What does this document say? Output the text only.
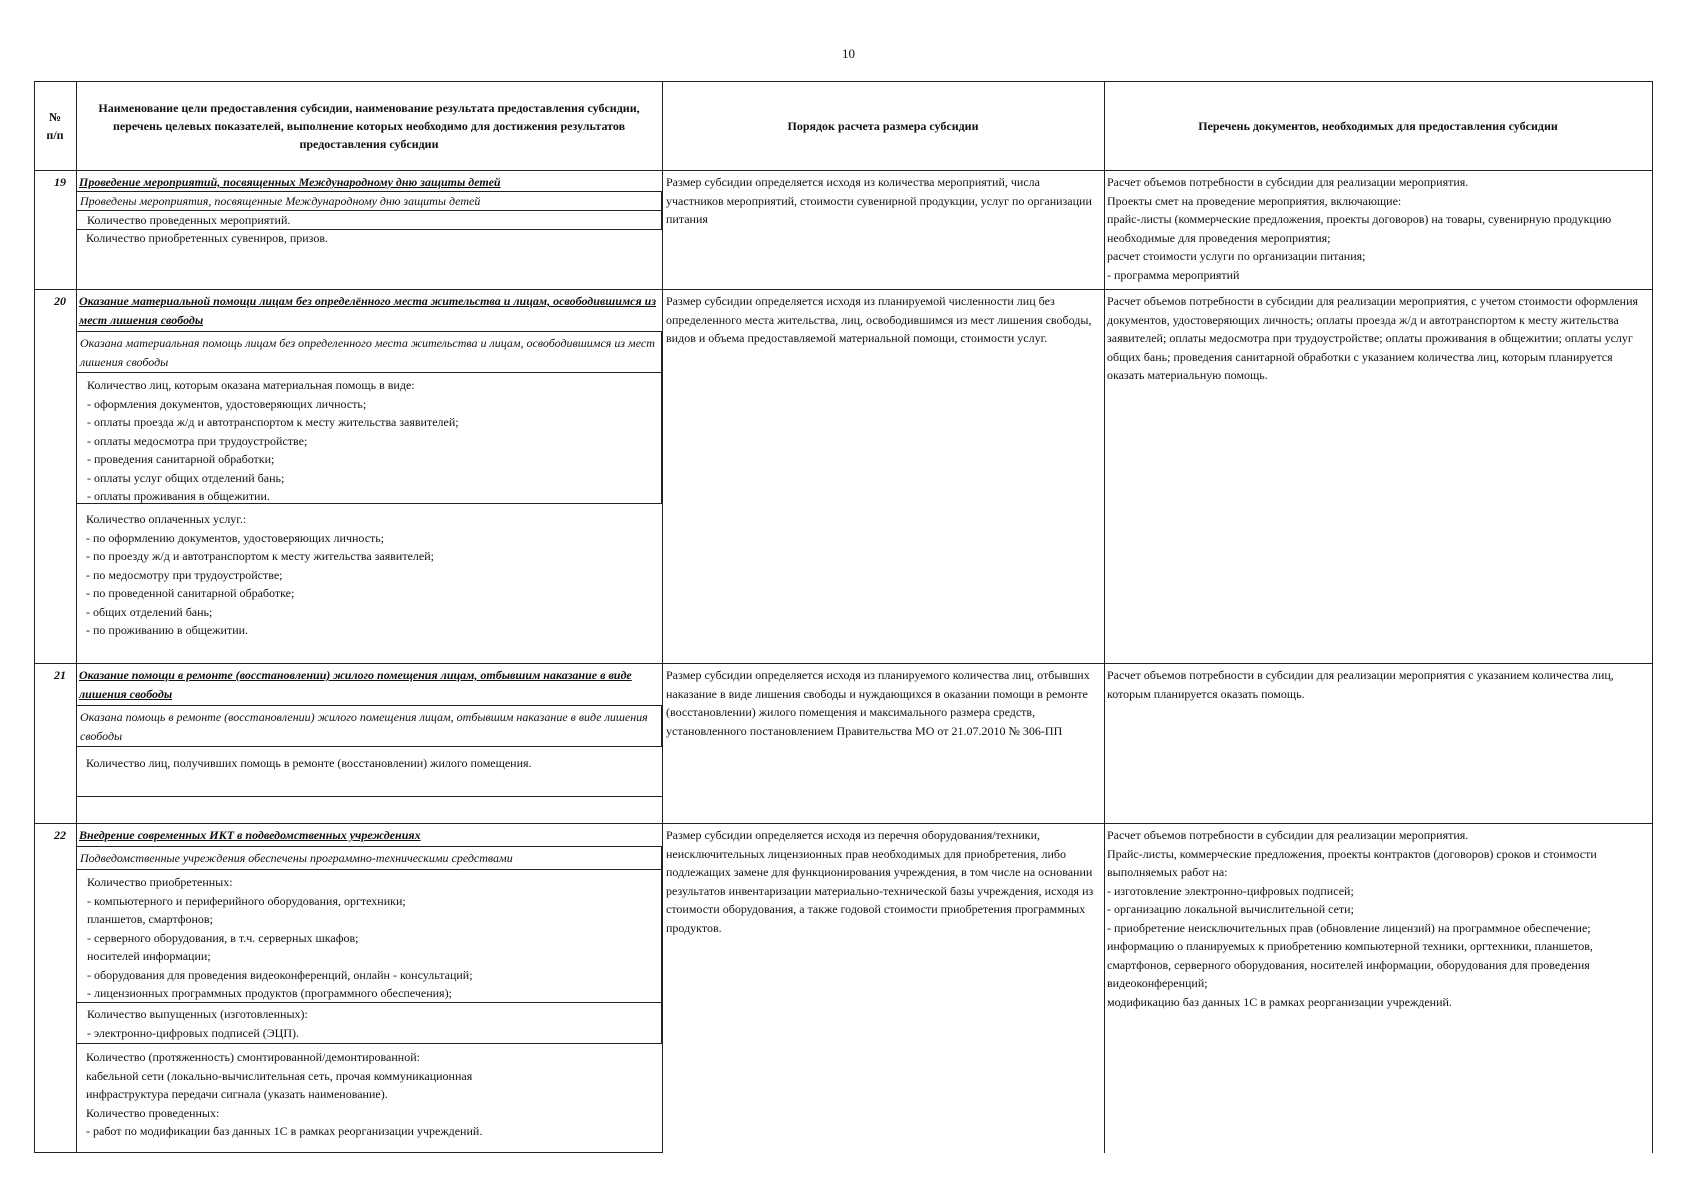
10
№
п/п
Наименование цели предоставления субсидии, наименование результата предоставления субсидии, перечень целевых показателей, выполнение которых необходимо для достижения результатов предоставления субсидии
Порядок расчета размера субсидии	Перечень документов, необходимых для предоставления субсидии
19 Проведение мероприятий, посвященных Международному дню защиты детей
Проведены мероприятия, посвященные Международному дню защиты детей
Количество проведенных мероприятий.
Количество приобретенных сувениров, призов.
Размер субсидии определяется исходя из количества мероприятий, числа участников мероприятий, стоимости сувенирной продукции, услуг по организации питания
Расчет объемов потребности в субсидии для реализации мероприятия.
Проекты смет на проведение мероприятия, включающие:
прайс-листы (коммерческие предложения, проекты договоров) на товары, сувенирную продукцию необходимые для проведения мероприятия;
расчет стоимости услуги по организации питания;
- программа мероприятий
20 Оказание материальной помощи лицам без определённого места жительства и лицам, освободившимся из мест лишения свободы
Оказана материальная помощь лицам без определенного места жительства и лицам, освободившимся из мест лишения свободы
Количество лиц, которым оказана материальная помощь в виде:
- оформления документов, удостоверяющих личность;
- оплаты проезда ж/д и автотранспортом к месту жительства заявителей;
- оплаты медосмотра при трудоустройстве;
- проведения санитарной обработки;
- оплаты услуг общих отделений бань;
- оплаты проживания в общежитии.
Количество оплаченных услуг.:
- по оформлению документов, удостоверяющих личность;
- по проезду ж/д и автотранспортом к месту жительства заявителей;
- по медосмотру при трудоустройстве;
- по проведенной санитарной обработке;
- общих отделений бань;
- по проживанию в общежитии.
Размер субсидии определяется исходя из планируемой численности лиц без определенного места жительства, лиц, освободившимся из мест лишения свободы, видов и объема предоставляемой материальной помощи, стоимости услуг.
Расчет объемов потребности в субсидии для реализации мероприятия, с учетом стоимости оформления документов, удостоверяющих личность; оплаты проезда ж/д и автотранспортом к месту жительства заявителей; оплаты медосмотра при трудоустройстве; оплаты проживания в общежитии; оплаты услуг общих бань; проведения санитарной обработки с указанием количества лиц, которым планируется оказать материальную помощь.
21 Оказание помощи в ремонте (восстановлении) жилого помещения лицам, отбывшим наказание в виде лишения свободы
Оказана помощь в ремонте (восстановлении) жилого помещения лицам, отбывшим наказание в виде лишения свободы
Количество лиц, получивших помощь в ремонте (восстановлении) жилого помещения.
Размер субсидии определяется исходя из планируемого количества лиц, отбывших наказание в виде лишения свободы и нуждающихся в оказании помощи в ремонте (восстановлении) жилого помещения и максимального размера средств, установленного постановлением Правительства МО от 21.07.2010 № 306-ПП
Расчет объемов потребности в субсидии для реализации мероприятия с указанием количества лиц, которым планируется оказать помощь.
22 Внедрение современных ИКТ в подведомственных учреждениях
Подведомственные учреждения обеспечены программно-техническими средствами
Количество приобретенных:
- компьютерного и периферийного оборудования, оргтехники;
планшетов, смартфонов;
- серверного оборудования, в т.ч. серверных шкафов;
носителей информации;
- оборудования для проведения видеоконференций, онлайн - консультаций;
- лицензионных программных продуктов (программного обеспечения);
Количество выпущенных (изготовленных):
- электронно-цифровых подписей (ЭЦП).
Количество (протяженность) смонтированной/демонтированной:
кабельной сети (локально-вычислительная сеть, прочая коммуникационная инфраструктура передачи сигнала (указать наименование).
Количество проведенных:
- работ по модификации баз данных 1С в рамках реорганизации учреждений.
Размер субсидии определяется исходя из перечня оборудования/техники, неисключительных лицензионных прав необходимых для приобретения, либо подлежащих замене для функционирования учреждения, в том числе на основании результатов инвентаризации материально-технической базы учреждения, исходя из стоимости оборудования, а также годовой стоимости приобретения программных продуктов.
Расчет объемов потребности в субсидии для реализации мероприятия.
Прайс-листы, коммерческие предложения, проекты контрактов (договоров) сроков и стоимости выполняемых работ на:
- изготовление электронно-цифровых подписей;
- организацию локальной вычислительной сети;
- приобретение неисключительных прав (обновление лицензий) на программное обеспечение;
информацию о планируемых к приобретению компьютерной техники, оргтехники, планшетов, смартфонов, серверного оборудования, носителей информации, оборудования для проведения видеоконференций;
модификацию баз данных 1С в рамках реорганизации учреждений.
